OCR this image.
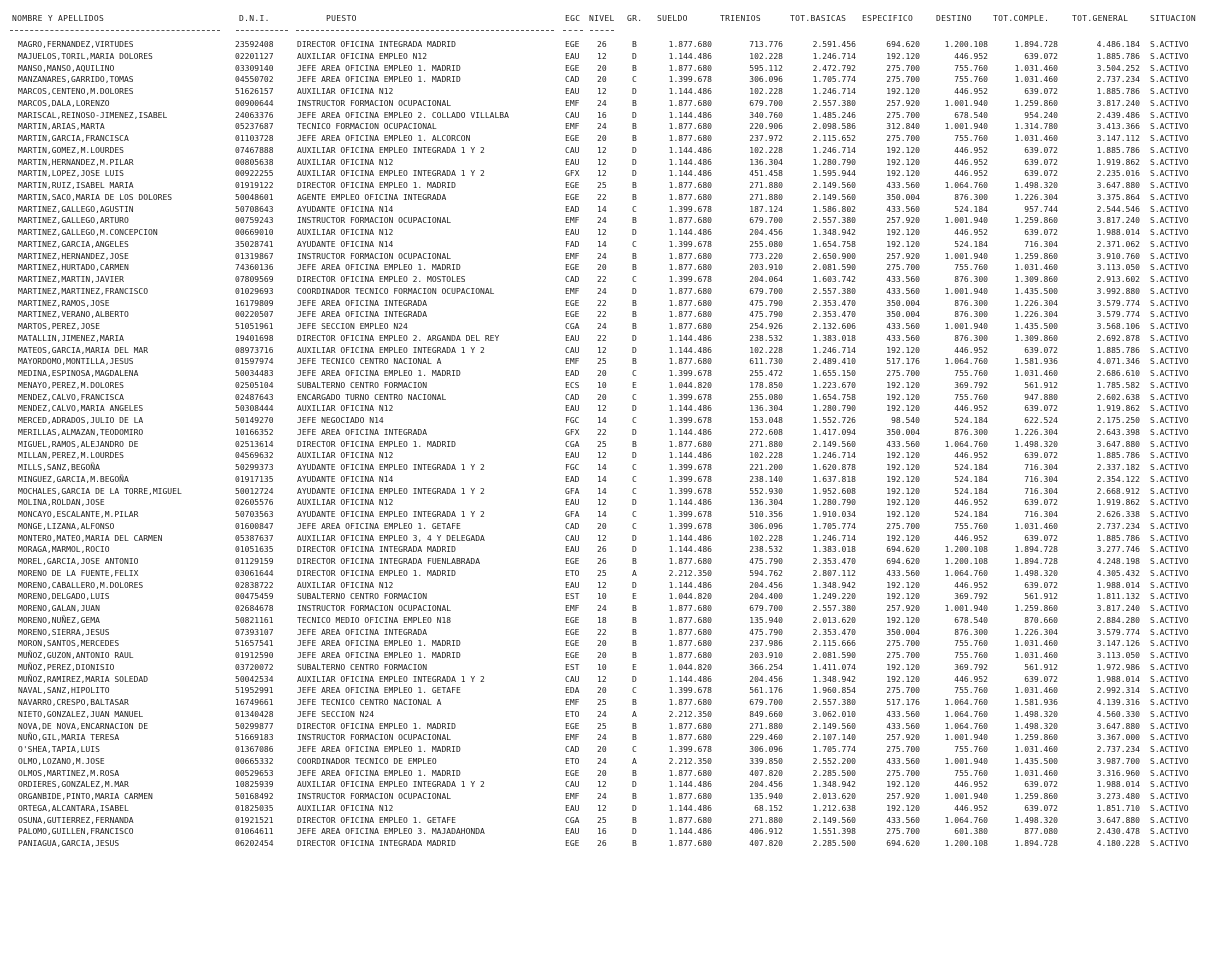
NOMBRE Y APELLIDOS	D.N.I.	PUESTO	EGC NIVEL GR. SUELDO	TRIENIOS	TOT.BASICAS ESPECIFICO	DESTINO	TOT.COMPLE.	TOT.GENERAL	SITUACION
MAGRO,FERNANDEZ,VIRTUDES	23592408	DIRECTOR OFICINA INTEGRADA MADRID	EGE 26	B	1.877.680	713.776	2.591.456	694.620	1.200.108	1.894.728	4.486.184 S.ACTIVO
MAJUELOS,TORIL,MARIA DOLORES	02201127	AUXILIAR OFICINA EMPLEO N12	EAU 12	D	1.144.486	102.228	1.246.714	192.120	446.952	639.072	1.885.786 S.ACTIVO
MANSO,MANSO,AQUILINO	03309140	JEFE AREA OFICINA EMPLEO 1. MADRID	EGE 20	B	1.877.680	595.112	2.472.792	275.700	755.760	1.031.460	3.504.252 S.ACTIVO
MANZANARES,GARRIDO,TOMAS	04550702	JEFE AREA OFICINA EMPLEO 1. MADRID	CAD 20	C	1.399.678	306.096	1.705.774	275.700	755.760	1.031.460	2.737.234 S.ACTIVO
MARCOS,CENTENO,M.DOLORES	51626157	AUXILIAR OFICINA N12	EAU 12	D	1.144.486	102.228	1.246.714	192.120	446.952	639.072	1.885.786 S.ACTIVO
MARCOS,DALA,LORENZO	00900644	INSTRUCTOR FORMACION OCUPACIONAL	EMF 24	B	1.877.680	679.700	2.557.380	257.920	1.001.940	1.259.860	3.817.240 S.ACTIVO
MARISCAL,REINOSO-JIMENEZ,ISABEL	24063376	JEFE AREA OFICINA EMPLEO 2. COLLADO VILLALBA	CAU 16	D	1.144.486	340.760	1.485.246	275.700	678.540	954.240	2.439.486 S.ACTIVO
MARTIN,ARIAS,MARTA	05237687	TECNICO FORMACION OCUPACIONAL	EMF 24	B	1.877.680	220.906	2.098.586	312.840	1.001.940	1.314.780	3.413.366 S.ACTIVO
MARTIN,GARCIA,FRANCISCA	01103728	JEFE AREA OFICINA EMPLEO 1. ALCORCON	EGE 20	B	1.877.680	237.972	2.115.652	275.700	755.760	1.031.460	3.147.112 S.ACTIVO
MARTIN,GOMEZ,M.LOURDES	07467888	AUXILIAR OFICINA EMPLEO INTEGRADA 1 Y 2	CAU 12	D	1.144.486	102.228	1.246.714	192.120	446.952	639.072	1.885.786 S.ACTIVO
MARTIN,HERNANDEZ,M.PILAR	00805638	AUXILIAR OFICINA N12	EAU 12	D	1.144.486	136.304	1.280.790	192.120	446.952	639.072	1.919.862 S.ACTIVO
MARTIN,LOPEZ,JOSE LUIS	00922255	AUXILIAR OFICINA EMPLEO INTEGRADA 1 Y 2	GFX 12	D	1.144.486	451.458	1.595.944	192.120	446.952	639.072	2.235.016 S.ACTIVO
MARTIN,RUIZ,ISABEL MARIA	01919122	DIRECTOR OFICINA EMPLEO 1. MADRID	EGE 25	B	1.877.680	271.880	2.149.560	433.560	1.064.760	1.498.320	3.647.880 S.ACTIVO
MARTIN,SACO,MARIA DE LOS DOLORES	50048601	AGENTE EMPLEO OFICINA INTEGRADA	EGE 22	B	1.877.680	271.880	2.149.560	350.004	876.300	1.226.304	3.375.864 S.ACTIVO
MARTINEZ,GALLEGO,AGUSTIN	50708643	AYUDANTE OFICINA N14	EAD 14	C	1.399.678	187.124	1.586.802	433.560	524.184	957.744	2.544.546 S.ACTIVO
MARTINEZ,GALLEGO,ARTURO	00759243	INSTRUCTOR FORMACION OCUPACIONAL	EMF 24	B	1.877.680	679.700	2.557.380	257.920	1.001.940	1.259.860	3.817.240 S.ACTIVO
MARTINEZ,GALLEGO,M.CONCEPCION	00669010	AUXILIAR OFICINA N12	EAU 12	D	1.144.486	204.456	1.348.942	192.120	446.952	639.072	1.988.014 S.ACTIVO
MARTINEZ,GARCIA,ANGELES	35028741	AYUDANTE OFICINA N14	FAD 14	C	1.399.678	255.080	1.654.758	192.120	524.184	716.304	2.371.062 S.ACTIVO
MARTINEZ,HERNANDEZ,JOSE	01319867	INSTRUCTOR FORMACION OCUPACIONAL	EMF 24	B	1.877.680	773.220	2.650.900	257.920	1.001.940	1.259.860	3.910.760 S.ACTIVO
MARTINEZ,HURTADO,CARMEN	74360136	JEFE AREA OFICINA EMPLEO 1. MADRID	EGE 20	B	1.877.680	203.910	2.081.590	275.700	755.760	1.031.460	3.113.050 S.ACTIVO
MARTINEZ,MARTIN,JAVIER	07809569	DIRECTOR OFICINA EMPLEO 2. MOSTOLES	CAD 22	C	1.399.678	204.064	1.603.742	433.560	876.300	1.309.860	2.913.602 S.ACTIVO
MARTINEZ,MARTINEZ,FRANCISCO	01029693	COORDINADOR TECNICO FORMACION OCUPACIONAL	EMF 24	D	1.877.680	679.700	2.557.380	433.560	1.001.940	1.435.500	3.992.880 S.ACTIVO
MARTINEZ,RAMOS,JOSE	16179809	JEFE AREA OFICINA INTEGRADA	EGE 22	B	1.877.680	475.790	2.353.470	350.004	876.300	1.226.304	3.579.774 S.ACTIVO
MARTINEZ,VERANO,ALBERTO	00220507	JEFE AREA OFICINA INTEGRADA	EGE 22	B	1.877.680	475.790	2.353.470	350.004	876.300	1.226.304	3.579.774 S.ACTIVO
MARTOS,PEREZ,JOSE	51051961	JEFE SECCION EMPLEO N24	CGA 24	B	1.877.680	254.926	2.132.606	433.560	1.001.940	1.435.500	3.568.106 S.ACTIVO
MATALLIN,JIMENEZ,MARIA	19401698	DIRECTOR OFICINA EMPLEO 2. ARGANDA DEL REY	EAU 22	D	1.144.486	238.532	1.383.018	433.560	876.300	1.309.860	2.692.878 S.ACTIVO
MATEOS,GARCIA,MARIA DEL MAR	08973716	AUXILIAR OFICINA EMPLEO INTEGRADA 1 Y 2	CAU 12	D	1.144.486	102.228	1.246.714	192.120	446.952	639.072	1.885.786 S.ACTIVO
MAYORDOMO,MONTILLA,JESUS	01597974	JEFE TECNICO CENTRO NACIONAL A	EMF 25	B	1.877.680	611.730	2.489.410	517.176	1.064.760	1.581.936	4.071.346 S.ACTIVO
MEDINA,ESPINOSA,MAGDALENA	50034483	JEFE AREA OFICINA EMPLEO 1. MADRID	EAD 20	C	1.399.678	255.472	1.655.150	275.700	755.760	1.031.460	2.686.610 S.ACTIVO
MENAYO,PEREZ,M.DOLORES	02505104	SUBALTERNO CENTRO FORMACION	ECS 10	E	1.044.820	178.850	1.223.670	192.120	369.792	561.912	1.785.582 S.ACTIVO
MENDEZ,CALVO,FRANCISCA	02487643	ENCARGADO TURNO CENTRO NACIONAL	CAD 20	C	1.399.678	255.080	1.654.758	192.120	755.760	947.880	2.602.638 S.ACTIVO
MENDEZ,CALVO,MARIA ANGELES	50308444	AUXILIAR OFICINA N12	EAU 12	D	1.144.486	136.304	1.280.790	192.120	446.952	639.072	1.919.862 S.ACTIVO
MERCED,ADRADOS,JULIO DE LA	50149270	JEFE NEGOCIADO N14	FGC 14	C	1.399.678	153.048	1.552.726	98.540	524.184	622.524	2.175.250 S.ACTIVO
MERILLAS,ALMAZAN,TEODOMIRO	10166352	JEFE AREA OFICINA INTEGRADA	GFX 22	D	1.144.486	272.608	1.417.094	350.004	876.300	1.226.304	2.643.398 S.ACTIVO
MIGUEL,RAMOS,ALEJANDRO DE	02513614	DIRECTOR OFICINA EMPLEO 1. MADRID	CGA 25	B	1.877.680	271.880	2.149.560	433.560	1.064.760	1.498.320	3.647.880 S.ACTIVO
MILLAN,PEREZ,M.LOURDES	04569632	AUXILIAR OFICINA N12	EAU 12	D	1.144.486	102.228	1.246.714	192.120	446.952	639.072	1.885.786 S.ACTIVO
MILLS,SANZ,BEGOÑA	50299373	AYUDANTE OFICINA EMPLEO INTEGRADA 1 Y 2	FGC 14	C	1.399.678	221.200	1.620.878	192.120	524.184	716.304	2.337.182 S.ACTIVO
MINGUEZ,GARCIA,M.BEGOÑA	01917135	AYUDANTE OFICINA N14	EAD 14	C	1.399.678	238.140	1.637.818	192.120	524.184	716.304	2.354.122 S.ACTIVO
MOCHALES,GARCIA DE LA TORRE,MIGUEL	50012724	AYUDANTE OFICINA EMPLEO INTEGRADA 1 Y 2	GFA 14	C	1.399.678	552.930	1.952.608	192.120	524.184	716.304	2.668.912 S.ACTIVO
MOLINA,ROLDAN,JOSE	02605576	AUXILIAR OFICINA N12	EAU 12	D	1.144.486	136.304	1.280.790	192.120	446.952	639.072	1.919.862 S.ACTIVO
MONCAYO,ESCALANTE,M.PILAR	50703563	AYUDANTE OFICINA EMPLEO INTEGRADA 1 Y 2	GFA 14	C	1.399.678	510.356	1.910.034	192.120	524.184	716.304	2.626.338 S.ACTIVO
MONGE,LIZANA,ALFONSO	01600847	JEFE AREA OFICINA EMPLEO 1. GETAFE	CAD 20	C	1.399.678	306.096	1.705.774	275.700	755.760	1.031.460	2.737.234 S.ACTIVO
MONTERO,MATEO,MARIA DEL CARMEN	05387637	AUXILIAR OFICINA EMPLEO 3, 4 Y DELEGADA	CAU 12	D	1.144.486	102.228	1.246.714	192.120	446.952	639.072	1.885.786 S.ACTIVO
MORAGA,MARMOL,ROCIO	01051635	DIRECTOR OFICINA INTEGRADA MADRID	EAU 26	D	1.144.486	238.532	1.383.018	694.620	1.200.108	1.894.728	3.277.746 S.ACTIVO
MOREL,GARCIA,JOSE ANTONIO	01129159	DIRECTOR OFICINA INTEGRADA FUENLABRADA	EGE 26	B	1.877.680	475.790	2.353.470	694.620	1.200.108	1.894.728	4.248.198 S.ACTIVO
MORENO DE LA FUENTE,FELIX	03061644	DIRECTOR OFICINA EMPLEO 1. MADRID	ETO 25	A	2.212.350	594.762	2.807.112	433.560	1.064.760	1.498.320	4.305.432 S.ACTIVO
MORENO,CABALLERO,M.DOLORES	02838722	AUXILIAR OFICINA N12	EAU 12	D	1.144.486	204.456	1.348.942	192.120	446.952	639.072	1.988.014 S.ACTIVO
MORENO,DELGADO,LUIS	00475459	SUBALTERNO CENTRO FORMACION	EST 10	E	1.044.820	204.400	1.249.220	192.120	369.792	561.912	1.811.132 S.ACTIVO
MORENO,GALAN,JUAN	02684678	INSTRUCTOR FORMACION OCUPACIONAL	EMF 24	B	1.877.680	679.700	2.557.380	257.920	1.001.940	1.259.860	3.817.240 S.ACTIVO
MORENO,NUÑEZ,GEMA	50821161	TECNICO MEDIO OFICINA EMPLEO N18	EGE 18	B	1.877.680	135.940	2.013.620	192.120	678.540	870.660	2.884.280 S.ACTIVO
MORENO,SIERRA,JESUS	07393107	JEFE AREA OFICINA INTEGRADA	EGE 22	B	1.877.680	475.790	2.353.470	350.004	876.300	1.226.304	3.579.774 S.ACTIVO
MORON,SANTOS,MERCEDES	51657541	JEFE AREA OFICINA EMPLEO 1. MADRID	EGE 20	B	1.877.680	237.986	2.115.666	275.700	755.760	1.031.460	3.147.126 S.ACTIVO
MUÑOZ,GUZON,ANTONIO RAUL	01912590	JEFE AREA OFICINA EMPLEO 1. MADRID	EGE 20	B	1.877.680	203.910	2.081.590	275.700	755.760	1.031.460	3.113.050 S.ACTIVO
MUÑOZ,PEREZ,DIONISIO	03720072	SUBALTERNO CENTRO FORMACION	EST 10	E	1.044.820	366.254	1.411.074	192.120	369.792	561.912	1.972.986 S.ACTIVO
MUÑOZ,RAMIREZ,MARIA SOLEDAD	50042534	AUXILIAR OFICINA EMPLEO INTEGRADA 1 Y 2	CAU 12	D	1.144.486	204.456	1.348.942	192.120	446.952	639.072	1.988.014 S.ACTIVO
NAVAL,SANZ,HIPOLITO	51952991	JEFE AREA OFICINA EMPLEO 1. GETAFE	EDA 20	C	1.399.678	561.176	1.960.854	275.700	755.760	1.031.460	2.992.314 S.ACTIVO
NAVARRO,CRESPO,BALTASAR	16749661	JEFE TECNICO CENTRO NACIONAL A	EMF 25	B	1.877.680	679.700	2.557.380	517.176	1.064.760	1.581.936	4.139.316 S.ACTIVO
NIETO,GONZALEZ,JUAN MANUEL	01340428	JEFE SECCION N24	ETO 24	A	2.212.350	849.660	3.062.010	433.560	1.064.760	1.498.320	4.560.330 S.ACTIVO
NOVA,DE NOVA,ENCARNACION DE	50299877	DIRECTOR OFICINA EMPLEO 1. MADRID	EGE 25	B	1.877.680	271.880	2.149.560	433.560	1.064.760	1.498.320	3.647.880 S.ACTIVO
NUÑO,GIL,MARIA TERESA	51669183	INSTRUCTOR FORMACION OCUPACIONAL	EMF 24	B	1.877.680	229.460	2.107.140	257.920	1.001.940	1.259.860	3.367.000 S.ACTIVO
O'SHEA,TAPIA,LUIS	01367086	JEFE AREA OFICINA EMPLEO 1. MADRID	CAD 20	C	1.399.678	306.096	1.705.774	275.700	755.760	1.031.460	2.737.234 S.ACTIVO
OLMO,LOZANO,M.JOSE	00665332	COORDINADOR TECNICO DE EMPLEO	ETO 24	A	2.212.350	339.850	2.552.200	433.560	1.001.940	1.435.500	3.987.700 S.ACTIVO
OLMOS,MARTINEZ,M.ROSA	00529653	JEFE AREA OFICINA EMPLEO 1. MADRID	EGE 20	B	1.877.680	407.820	2.285.500	275.700	755.760	1.031.460	3.316.960 S.ACTIVO
ORDIERES,GONZALEZ,M.MAR	10825939	AUXILIAR OFICINA EMPLEO INTEGRADA 1 Y 2	CAU 12	D	1.144.486	204.456	1.348.942	192.120	446.952	639.072	1.988.014 S.ACTIVO
ORGANBIDE,PINTO,MARIA CARMEN	50168492	INSTRUCTOR FORMACION OCUPACIONAL	EMF 24	B	1.877.680	135.940	2.013.620	257.920	1.001.940	1.259.860	3.273.480 S.ACTIVO
ORTEGA,ALCANTARA,ISABEL	01825035	AUXILIAR OFICINA N12	EAU 12	D	1.144.486	68.152	1.212.638	192.120	446.952	639.072	1.851.710 S.ACTIVO
OSUNA,GUTIERREZ,FERNANDA	01921521	DIRECTOR OFICINA EMPLEO 1. GETAFE	CGA 25	B	1.877.680	271.880	2.149.560	433.560	1.064.760	1.498.320	3.647.880 S.ACTIVO
PALOMO,GUILLEN,FRANCISCO	01064611	JEFE AREA OFICINA EMPLEO 3. MAJADAHONDA	EAU 16	D	1.144.486	406.912	1.551.398	275.700	601.380	877.080	2.430.478 S.ACTIVO
PANIAGUA,GARCIA,JESUS	06202454	DIRECTOR OFICINA INTEGRADA MADRID	EGE 26	B	1.877.680	407.820	2.285.500	694.620	1.200.108	1.894.728	4.180.228 S.ACTIVO
